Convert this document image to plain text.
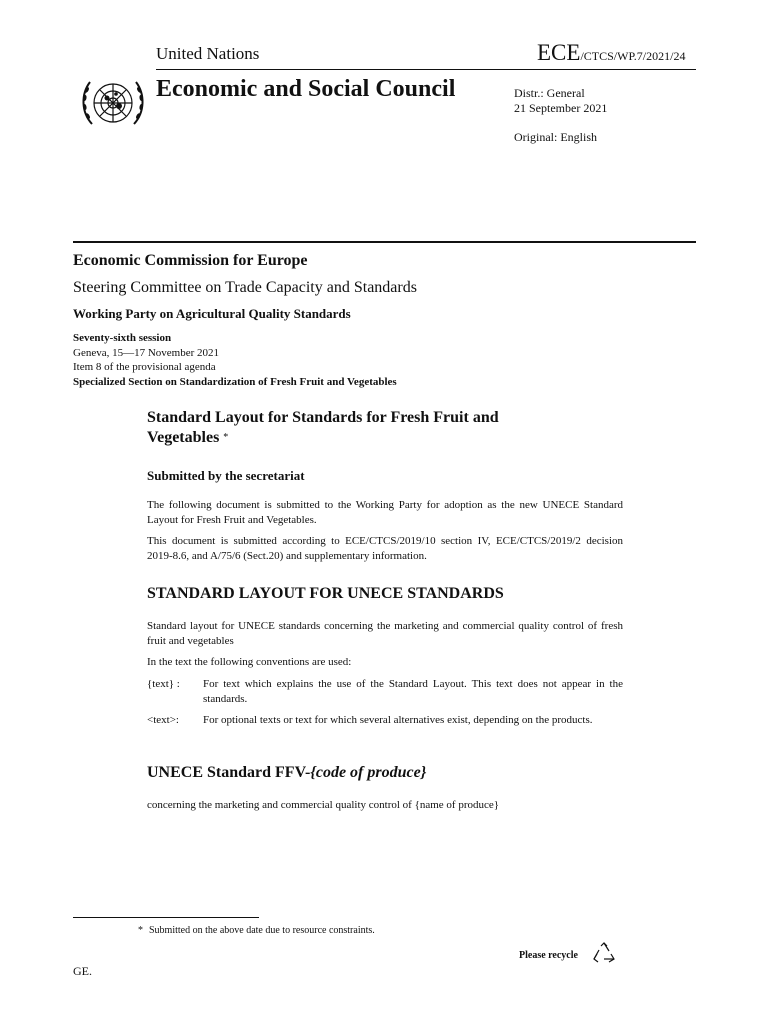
United Nations	ECE/CTCS/WP.7/2021/24
Economic and Social Council	Distr.: General
21 September 2021
Original: English
Economic Commission for Europe
Steering Committee on Trade Capacity and Standards
Working Party on Agricultural Quality Standards
Seventy-sixth session
Geneva, 15—17 November 2021
Item 8 of the provisional agenda
Specialized Section on Standardization of Fresh Fruit and Vegetables
Standard Layout for Standards for Fresh Fruit and Vegetables *
Submitted by the secretariat
The following document is submitted to the Working Party for adoption as the new UNECE Standard Layout for Fresh Fruit and Vegetables.
This document is submitted according to ECE/CTCS/2019/10 section IV, ECE/CTCS/2019/2 decision 2019-8.6, and A/75/6 (Sect.20) and supplementary information.
STANDARD LAYOUT FOR UNECE STANDARDS
Standard layout for UNECE standards concerning the marketing and commercial quality control of fresh fruit and vegetables
In the text the following conventions are used:
{text} : For text which explains the use of the Standard Layout. This text does not appear in the standards.
<text>: For optional texts or text for which several alternatives exist, depending on the products.
UNECE Standard FFV-{code of produce}
concerning the marketing and commercial quality control of {name of produce}
* Submitted on the above date due to resource constraints.
GE.
Please recycle
